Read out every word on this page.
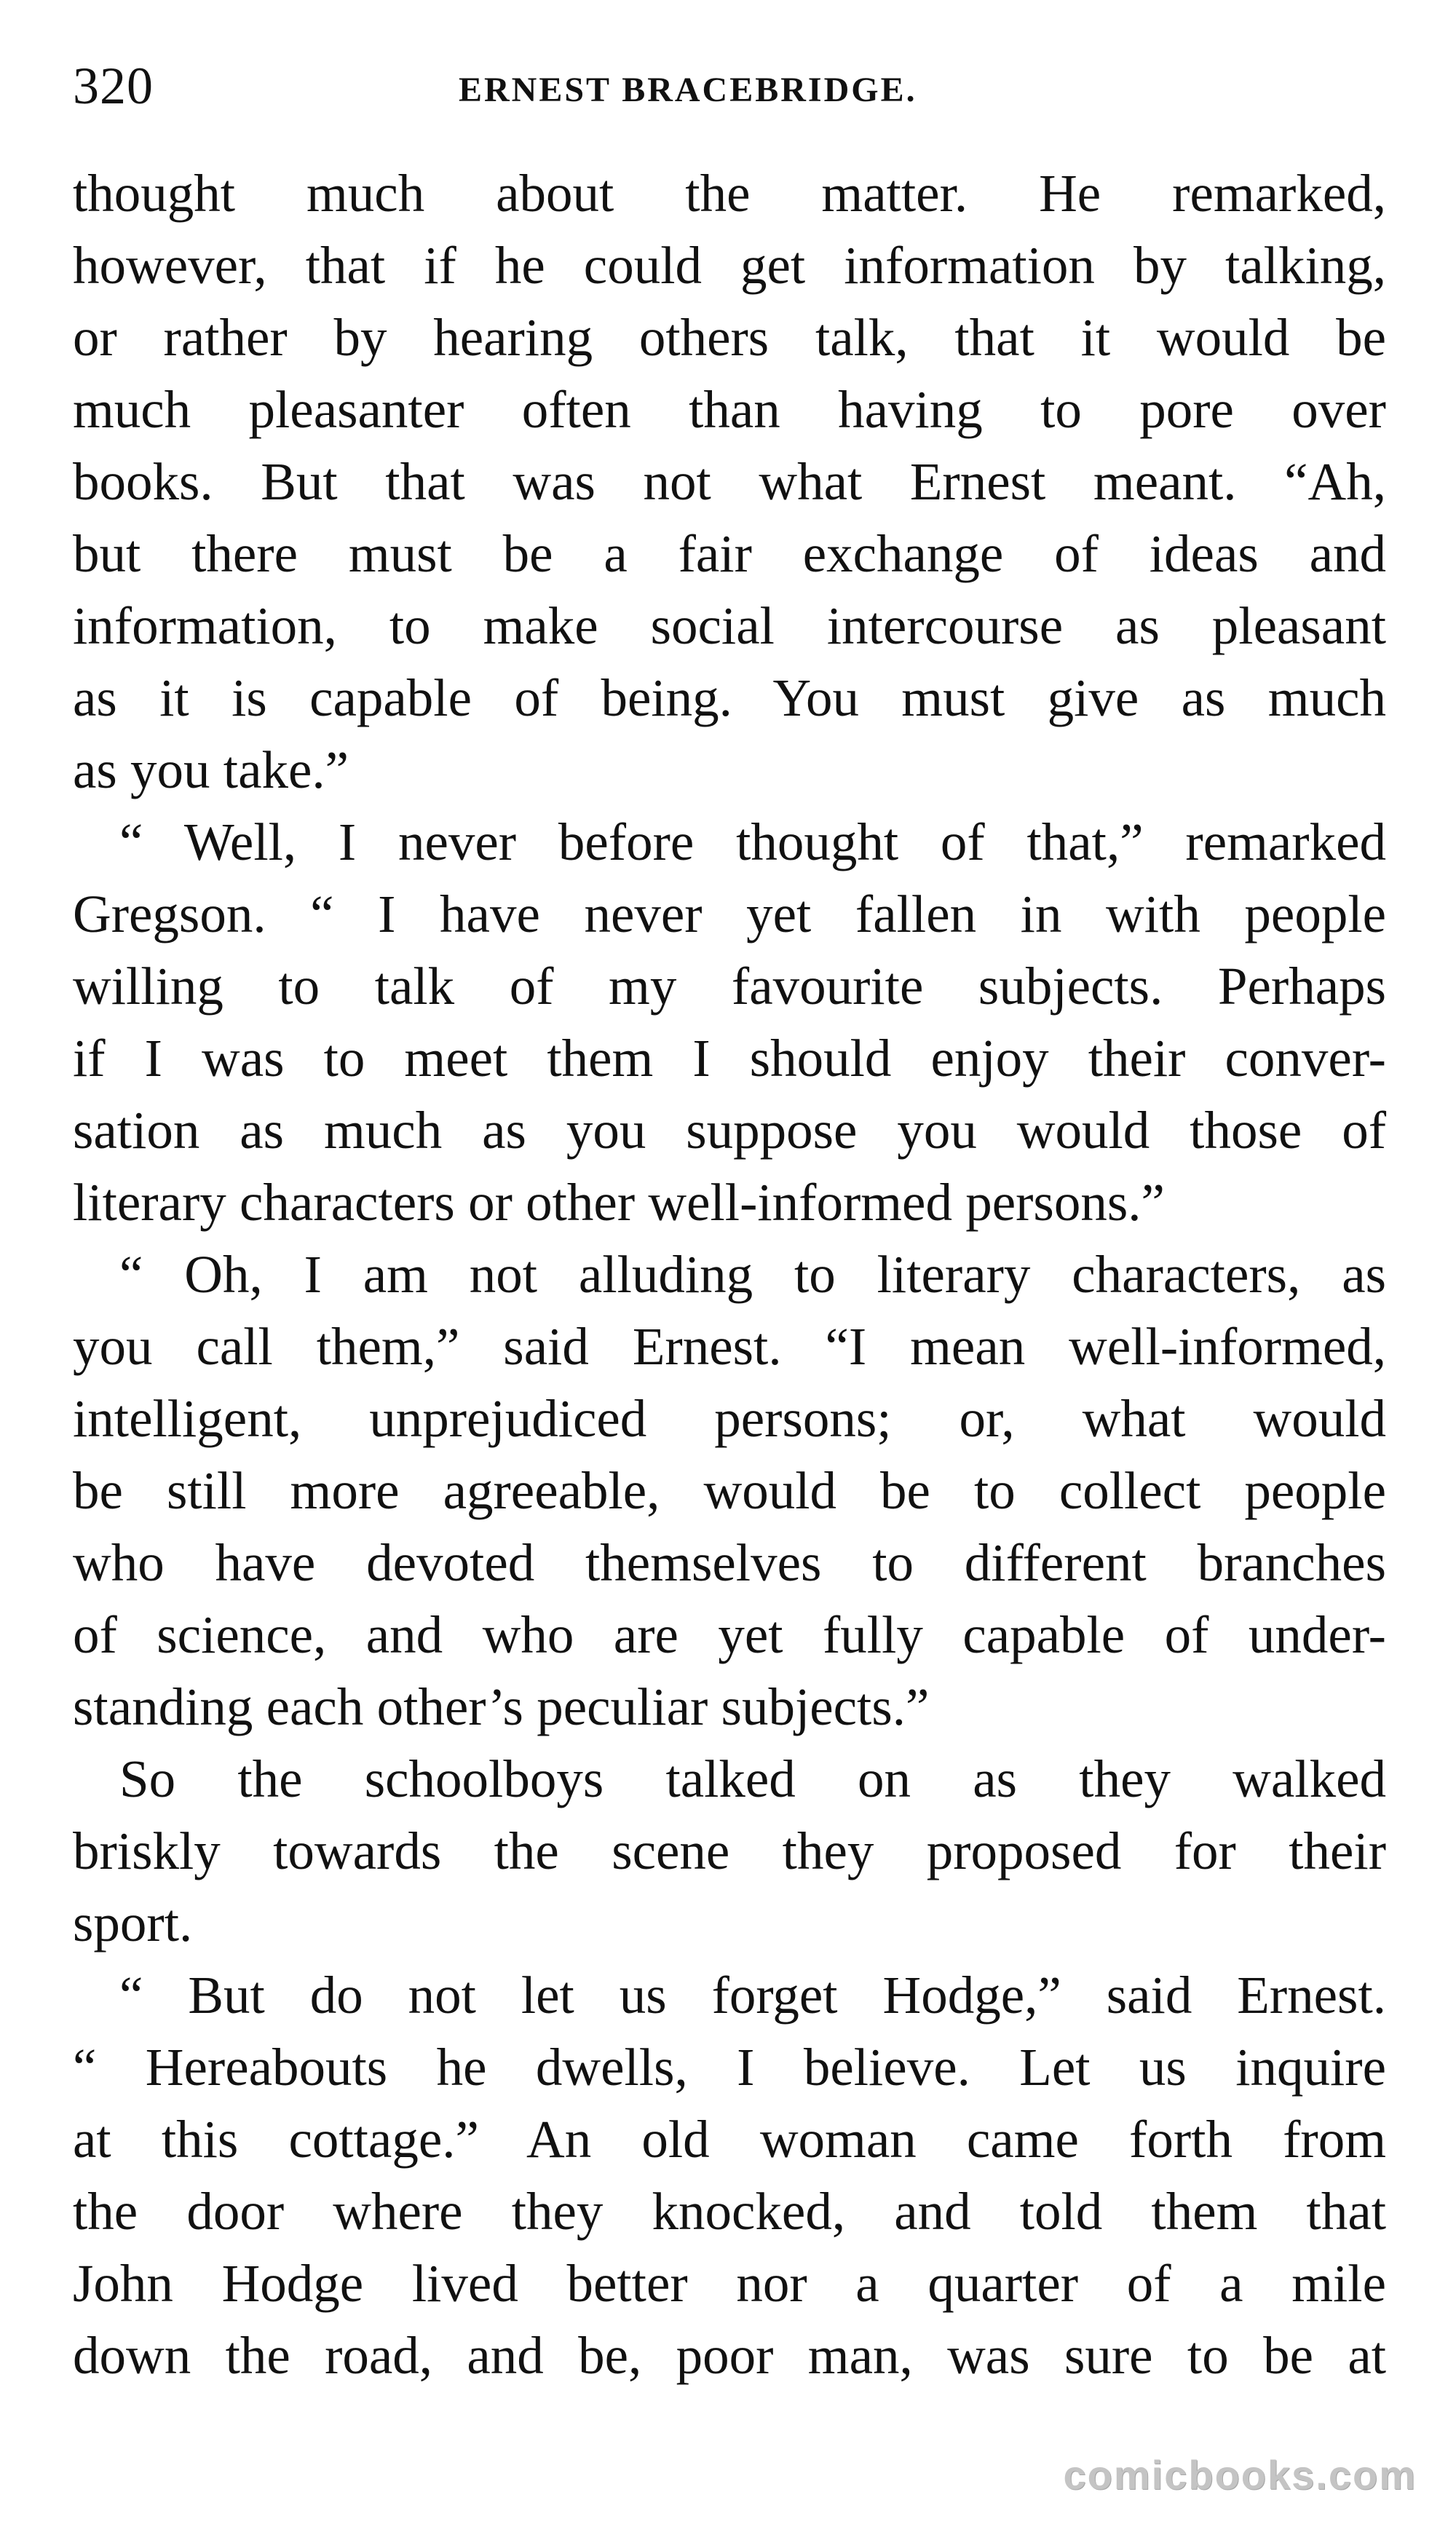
320	ERNEST BRACEBRIDGE.
thought much about the matter. He remarked,
however, that if he could get information by talking,
or rather by hearing others talk, that it would be
much pleasanter often than having to pore over
books. But that was not what Ernest meant. “Ah,
but there must be a fair exchange of ideas and
information, to make social intercourse as pleasant
as it is capable of being. You must give as much
as you take.”
“ Well, I never before thought of that,” remarked
Gregson. “ I have never yet fallen in with people
willing to talk of my favourite subjects. Perhaps
if I was to meet them I should enjoy their conver-
sation as much as you suppose you would those of
literary characters or other well-informed persons.”
“ Oh, I am not alluding to literary characters, as
you call them,” said Ernest. “I mean well-informed,
intelligent, unprejudiced persons; or, what would
be still more agreeable, would be to collect people
who have devoted themselves to different branches
of science, and who are yet fully capable of under-
standing each other’s peculiar subjects.”
So the schoolboys talked on as they walked
briskly towards the scene they proposed for their
sport.
“ But do not let us forget Hodge,” said Ernest.
“ Hereabouts he dwells, I believe. Let us inquire
at this cottage.” An old woman came forth from
the door where they knocked, and told them that
John Hodge lived better nor a quarter of a mile
down the road, and be, poor man, was sure to be at
comicbooks.com
